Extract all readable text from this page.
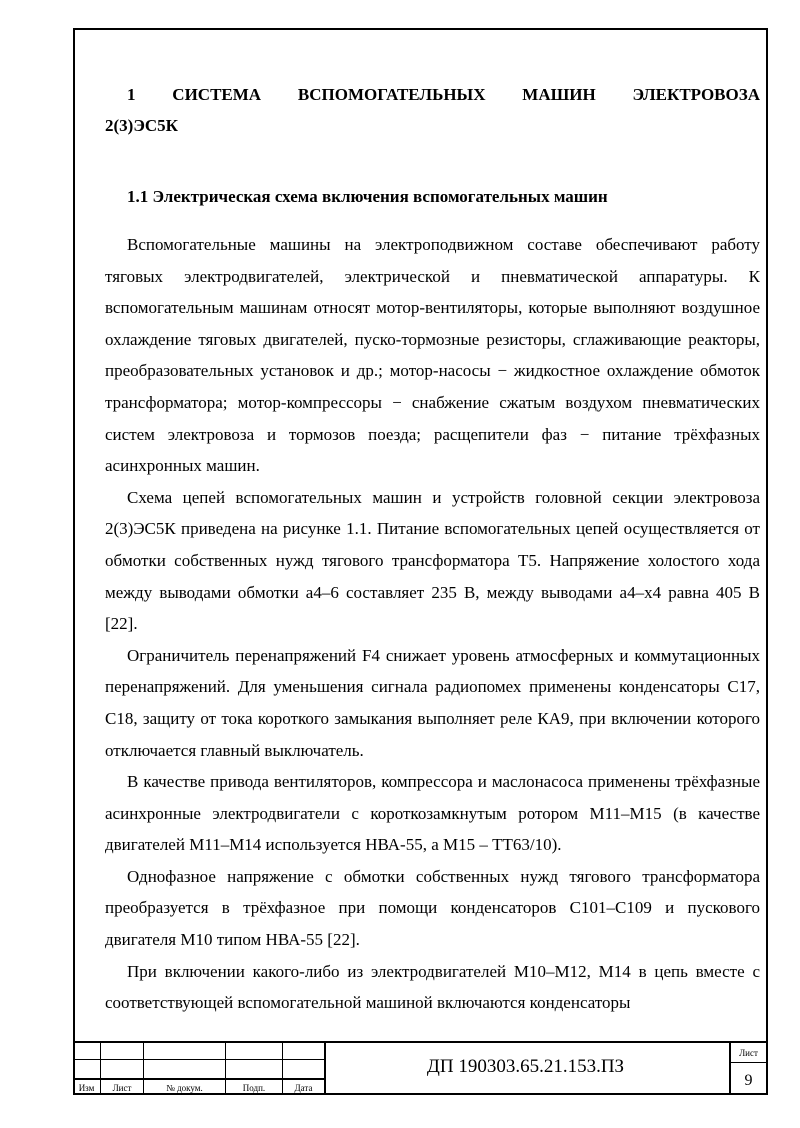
1 СИСТЕМА ВСПОМОГАТЕЛЬНЫХ МАШИН ЭЛЕКТРОВОЗА
2(3)ЭС5К
1.1 Электрическая схема включения вспомогательных машин

Вспомогательные машины на электроподвижном составе обеспечивают работу тяговых электродвигателей, электрической и пневматической аппаратуры. К вспомогательным машинам относят мотор-вентиляторы, которые выполняют воздушное охлаждение тяговых двигателей, пуско-тормозные резисторы, сглаживающие реакторы, преобразовательных установок и др.; мотор-насосы − жидкостное охлаждение обмоток трансформатора; мотор-компрессоры − снабжение сжатым воздухом пневматических систем электровоза и тормозов поезда; расщепители фаз − питание трёхфазных асинхронных машин.

Схема цепей вспомогательных машин и устройств головной секции электровоза 2(3)ЭС5К приведена на рисунке 1.1. Питание вспомогательных цепей осуществляется от обмотки собственных нужд тягового трансформатора Т5. Напряжение холостого хода между выводами обмотки а4–6 составляет 235 В, между выводами а4–х4 равна 405 В [22].

Ограничитель перенапряжений F4 снижает уровень атмосферных и коммутационных перенапряжений. Для уменьшения сигнала радиопомех применены конденсаторы С17, С18, защиту от тока короткого замыкания выполняет реле КА9, при включении которого отключается главный выключатель.

В качестве привода вентиляторов, компрессора и маслонасоса применены трёхфазные асинхронные электродвигатели с короткозамкнутым ротором М11–М15 (в качестве двигателей М11–М14 используется НВА-55, а М15 – ТТ63/10).

Однофазное напряжение с обмотки собственных нужд тягового трансформатора преобразуется в трёхфазное при помощи конденсаторов С101–С109 и пускового двигателя М10 типом НВА-55 [22].

При включении какого-либо из электродвигателей М10–М12, М14 в цепь вместе с соответствующей вспомогательной машиной включаются конденсаторы

Изм	Лист	№ докум.	Подп.	Дата
ДП 190303.65.21.153.ПЗ
Лист
9
